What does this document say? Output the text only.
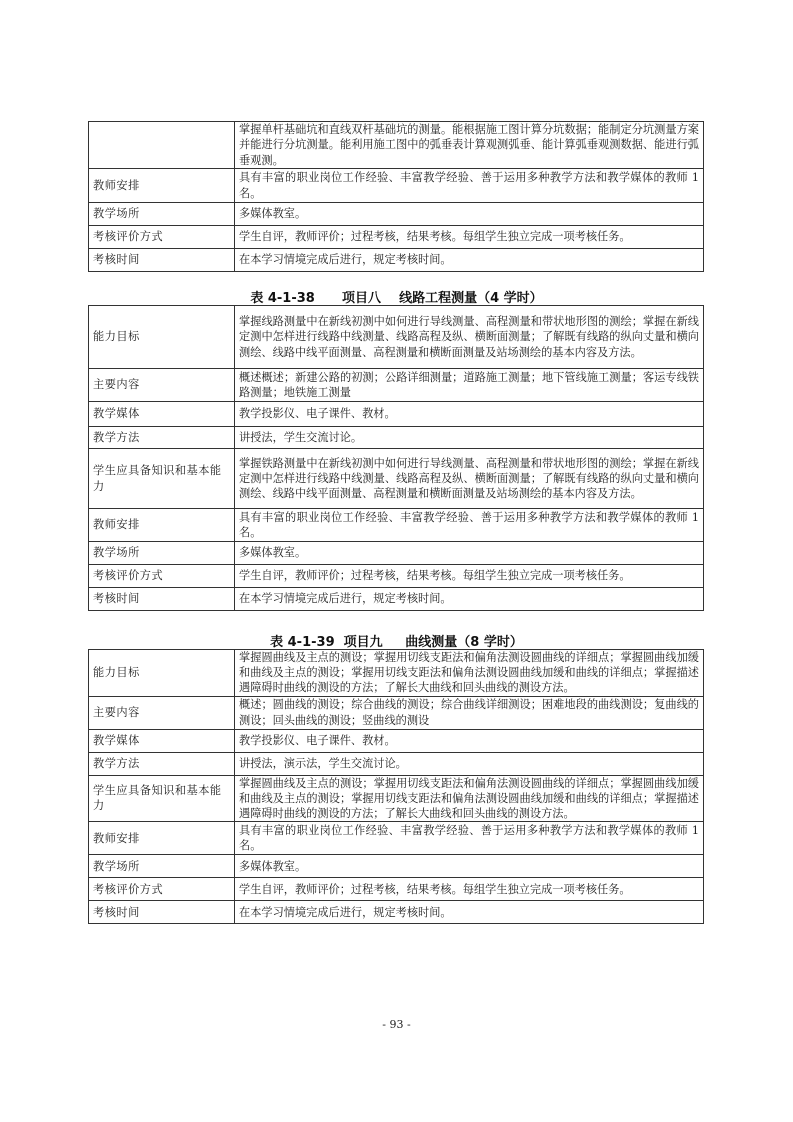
	掌握单杆基础坑和直线双杆基础坑的测量。能根据施工图计算分坑数据；能制定分坑测量方案并能进行分坑测量。能利用施工图中的弧垂表计算观测弧垂、能计算弧垂观测数据、能进行弧垂观测。
教师安排	具有丰富的职业岗位工作经验、丰富教学经验、善于运用多种教学方法和教学媒体的教师 1 名。
教学场所	多媒体教室。
考核评价方式	学生自评，教师评价；过程考核，结果考核。每组学生独立完成一项考核任务。
考核时间	在本学习情境完成后进行，规定考核时间。
表 4-1-38      项目八    线路工程测量（4 学时）
能力目标	掌握线路测量中在新线初测中如何进行导线测量、高程测量和带状地形图的测绘；掌握在新线定测中怎样进行线路中线测量、线路高程及纵、横断面测量；了解既有线路的纵向丈量和横向测绘、线路中线平面测量、高程测量和横断面测量及站场测绘的基本内容及方法。
主要内容	概述概述；新建公路的初测；公路详细测量；道路施工测量；地下管线施工测量；客运专线铁路测量；地铁施工测量
教学媒体	教学投影仪、电子课件、教材。
教学方法	讲授法，学生交流讨论。
学生应具备知识和基本能力	掌握铁路测量中在新线初测中如何进行导线测量、高程测量和带状地形图的测绘；掌握在新线定测中怎样进行线路中线测量、线路高程及纵、横断面测量；了解既有线路的纵向丈量和横向测绘、线路中线平面测量、高程测量和横断面测量及站场测绘的基本内容及方法。
教师安排	具有丰富的职业岗位工作经验、丰富教学经验、善于运用多种教学方法和教学媒体的教师 1 名。
教学场所	多媒体教室。
考核评价方式	学生自评，教师评价；过程考核，结果考核。每组学生独立完成一项考核任务。
考核时间	在本学习情境完成后进行，规定考核时间。
表 4-1-39  项目九     曲线测量（8 学时）
能力目标	掌握圆曲线及主点的测设；掌握用切线支距法和偏角法测设圆曲线的详细点；掌握圆曲线加缓和曲线及主点的测设；掌握用切线支距法和偏角法测设圆曲线加缓和曲线的详细点；掌握描述遇障碍时曲线的测设的方法；了解长大曲线和回头曲线的测设方法。
主要内容	概述；圆曲线的测设；综合曲线的测设；综合曲线详细测设；困难地段的曲线测设；复曲线的测设；回头曲线的测设；竖曲线的测设
教学媒体	教学投影仪、电子课件、教材。
教学方法	讲授法，演示法，学生交流讨论。
学生应具备知识和基本能力	掌握圆曲线及主点的测设；掌握用切线支距法和偏角法测设圆曲线的详细点；掌握圆曲线加缓和曲线及主点的测设；掌握用切线支距法和偏角法测设圆曲线加缓和曲线的详细点；掌握描述遇障碍时曲线的测设的方法；了解长大曲线和回头曲线的测设方法。
教师安排	具有丰富的职业岗位工作经验、丰富教学经验、善于运用多种教学方法和教学媒体的教师 1 名。
教学场所	多媒体教室。
考核评价方式	学生自评，教师评价；过程考核，结果考核。每组学生独立完成一项考核任务。
考核时间	在本学习情境完成后进行，规定考核时间。
- 93 -
